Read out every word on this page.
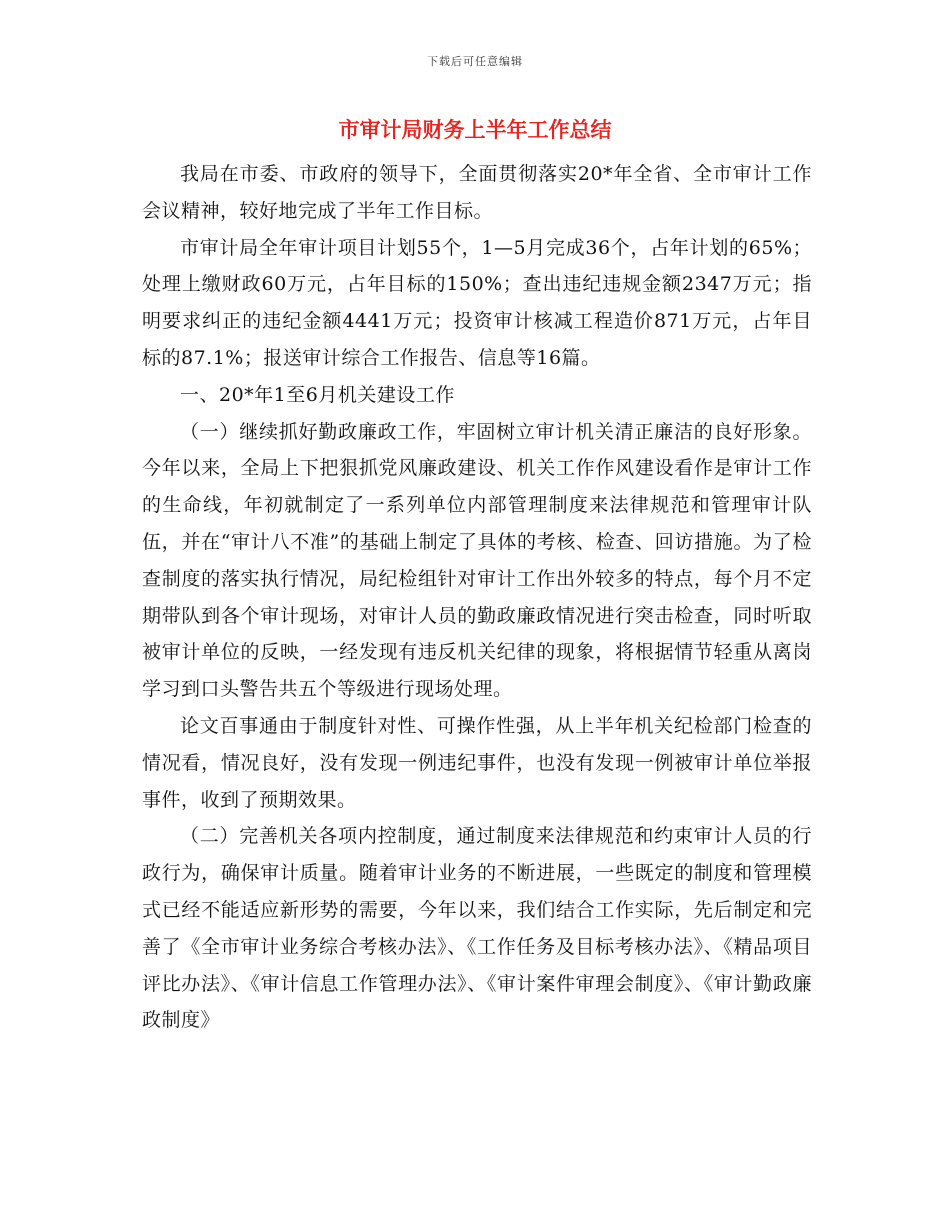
下载后可任意编辑
市审计局财务上半年工作总结

我局在市委、市政府的领导下，全面贯彻落实20*年全省、全市审计工作会议精神，较好地完成了半年工作目标。

市审计局全年审计项目计划55个，1—5月完成36个，占年计划的65%；处理上缴财政60万元，占年目标的150%；查出违纪违规金额2347万元；指明要求纠正的违纪金额4441万元；投资审计核减工程造价871万元，占年目标的87.1%；报送审计综合工作报告、信息等16篇。

一、20*年1至6月机关建设工作

（一）继续抓好勤政廉政工作，牢固树立审计机关清正廉洁的良好形象。今年以来，全局上下把狠抓党风廉政建设、机关工作作风建设看作是审计工作的生命线，年初就制定了一系列单位内部管理制度来法律规范和管理审计队伍，并在“审计八不准”的基础上制定了具体的考核、检查、回访措施。为了检查制度的落实执行情况，局纪检组针对审计工作出外较多的特点，每个月不定期带队到各个审计现场，对审计人员的勤政廉政情况进行突击检查，同时听取被审计单位的反映，一经发现有违反机关纪律的现象，将根据情节轻重从离岗学习到口头警告共五个等级进行现场处理。

论文百事通由于制度针对性、可操作性强，从上半年机关纪检部门检查的情况看，情况良好，没有发现一例违纪事件，也没有发现一例被审计单位举报事件，收到了预期效果。

（二）完善机关各项内控制度，通过制度来法律规范和约束审计人员的行政行为，确保审计质量。随着审计业务的不断进展，一些既定的制度和管理模式已经不能适应新形势的需要，今年以来，我们结合工作实际，先后制定和完善了《全市审计业务综合考核办法》、《工作任务及目标考核办法》、《精品项目评比办法》、《审计信息工作管理办法》、《审计案件审理会制度》、《审计勤政廉政制度》
